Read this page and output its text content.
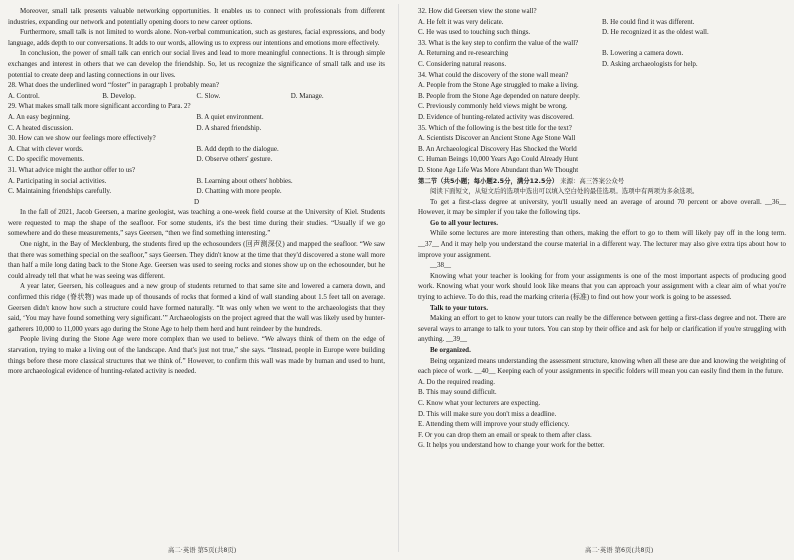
Moreover, small talk presents valuable networking opportunities. It enables us to connect with professionals from different industries, expanding our network and potentially opening doors to new career options.

Furthermore, small talk is not limited to words alone. Non-verbal communication, such as gestures, facial expressions, and body language, adds depth to our conversations. It adds to our words, allowing us to express our intentions and emotions more effectively.

In conclusion, the power of small talk can enrich our social lives and lead to more meaningful connections. It is through simple exchanges and interest in others that we can develop the friendship. So, let us recognize the significance of small talk and use its potential to create deep and lasting connections in our lives.

28. What does the underlined word “foster” in paragraph 1 probably mean?

A. Control.	B. Develop.	C. Slow.	D. Manage.

29. What makes small talk more significant according to Para. 2?

A. An easy beginning.	B. A quiet environment.
C. A heated discussion.	D. A shared friendship.

30. How can we show our feelings more effectively?

A. Chat with clever words.	B. Add depth to the dialogue.
C. Do specific movements.	D. Observe others' gesture.

31. What advice might the author offer to us?

A. Participating in social activities.	B. Learning about others' hobbies.
C. Maintaining friendships carefully.	D. Chatting with more people.

D

In the fall of 2021, Jacob Geersen, a marine geologist, was teaching a one-week field course at the University of Kiel. Students were requested to map the shape of the seafloor. For some students, it's the best time during their studies. “Usually if we go somewhere and do these measurements,” says Geersen, “then we find something interesting.”

One night, in the Bay of Mecklenburg, the students fired up the echosounders (回声测深仪) and mapped the seafloor. “We saw that there was something special on the seafloor,” says Geersen. They didn't know at the time that they'd discovered a stone wall more than half a mile long dating back to the Stone Age. Geersen was used to seeing rocks and stones show up on the echosounder, but he could already tell that what he was seeing was different.

A year later, Geersen, his colleagues and a new group of students returned to that same site and lowered a camera down, and confirmed this ridge (脊状物) was made up of thousands of rocks that formed a kind of wall standing about 1.5 feet tall on average. Geersen didn't know how such a structure could have formed naturally. “It was only when we went to the archaeologists that they said, ‘You may have found something very significant.’” Archaeologists on the project agreed that the wall was likely used by hunter-gatherers 10,000 to 11,000 years ago during the Stone Age to help them herd and hunt reindeer by the hundreds.

People living during the Stone Age were more complex than we used to believe. “We always think of them on the edge of starvation, trying to make a living out of the landscape. And that's just not true,” she says. “Instead, people in Europe were building things before these more classical structures that we think of.” However, to confirm this wall was made by human and used to hunt, more archaeological evidence of hunting-related activity is needed.

高二·英语 第5页(共8页)

32. How did Geersen view the stone wall?

A. He felt it was very delicate.	B. He could find it was different.
C. He was used to touching such things.	D. He recognized it as the oldest wall.

33. What is the key step to confirm the value of the wall?

A. Returning and re-researching	B. Lowering a camera down.
C. Considering natural reasons.	D. Asking archaeologists for help.

34. What could the discovery of the stone wall mean?

A. People from the Stone Age struggled to make a living.
B. People from the Stone Age depended on nature deeply.
C. Previously commonly held views might be wrong.
D. Evidence of hunting-related activity was discovered.

35. Which of the following is the best title for the text?

A. Scientists Discover an Ancient Stone Age Stone Wall
B. An Archaeological Discovery Has Shocked the World
C. Human Beings 10,000 Years Ago Could Already Hunt
D. Stone Age Life Was More Abundant than We Thought

第二节（共5小题；每小题2.5分，满分12.5分） 来源：高三答案公众号

阅读下面短文，从短文后的选项中选出可以填入空白处的最佳选项。选项中有两项为多余选项。

To get a first-class degree at university, you'll usually need an average of around 70 percent or above overall. __36__ However, it may be simpler if you take the following tips.

Go to all your lectures.

While some lectures are more interesting than others, making the effort to go to them will likely pay off in the long term. __37__ And it may help you understand the course material in a different way. The lecturer may also give extra tips about how to improve your assignment.

__38__

Knowing what your teacher is looking for from your assignments is one of the most important aspects of producing good work. Knowing what your work should look like means that you can approach your assignment with a clear aim of what you're trying to achieve. To do this, read the marking criteria (标准) to find out how your work is going to be assessed.

Talk to your tutors.

Making an effort to get to know your tutors can really be the difference between getting a first-class degree and not. There are several ways to arrange to talk to your tutors. You can stop by their office and ask for help or clarification if you're struggling with anything. __39__

Be organized.

Being organized means understanding the assessment structure, knowing when all these are due and knowing the weighting of each piece of work. __40__ Keeping each of your assignments in specific folders will mean you can easily find them in the future.

A. Do the required reading.

B. This may sound difficult.

C. Know what your lecturers are expecting.

D. This will make sure you don't miss a deadline.

E. Attending them will improve your study efficiency.

F. Or you can drop them an email or speak to them after class.

G. It helps you understand how to change your work for the better.

高二·英语 第6页(共8页)
